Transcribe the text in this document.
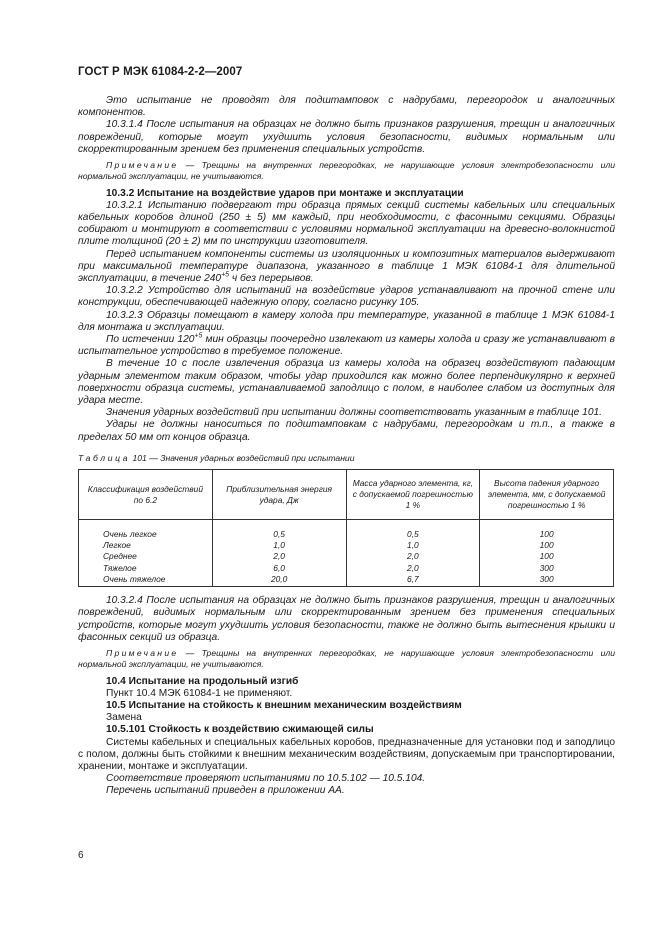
ГОСТ Р МЭК 61084-2-2—2007

Это испытание не проводят для подштамповок с надрубами, перегородок и аналогичных компонентов.

10.3.1.4 После испытания на образцах не должно быть признаков разрушения, трещин и аналогичных повреждений, которые могут ухудшить условия безопасности, видимых нормальным или скорректированным зрением без применения специальных устройств.

Примечание — Трещины на внутренних перегородках, не нарушающие условия электробезопасности или нормальной эксплуатации, не учитываются.

10.3.2 Испытание на воздействие ударов при монтаже и эксплуатации

10.3.2.1 Испытанию подвергают три образца прямых секций системы кабельных или специальных кабельных коробов длиной (250 ± 5) мм каждый, при необходимости, с фасонными секциями. Образцы собирают и монтируют в соответствии с условиями нормальной эксплуатации на древесно-волокнистой плите толщиной (20 ± 2) мм по инструкции изготовителя.

Перед испытанием компоненты системы из изоляционных и композитных материалов выдерживают при максимальной температуре диапазона, указанного в таблице 1 МЭК 61084-1 для длительной эксплуатации, в течение $240^{+5}$ ч без перерывов.

10.3.2.2 Устройство для испытаний на воздействие ударов устанавливают на прочной стене или конструкции, обеспечивающей надежную опору, согласно рисунку 105.

10.3.2.3 Образцы помещают в камеру холода при температуре, указанной в таблице 1 МЭК 61084-1 для монтажа и эксплуатации.

По истечении $120^{+5}$ мин образцы поочередно извлекают из камеры холода и сразу же устанавливают в испытательное устройство в требуемое положение.

В течение 10 с после извлечения образца из камеры холода на образец воздействуют падающим ударным элементом таким образом, чтобы удар приходился как можно более перпендикулярно к верхней поверхности образца системы, устанавливаемой заподлицо с полом, в наиболее слабом из доступных для удара месте.

Значения ударных воздействий при испытании должны соответствовать указанным в таблице 101.

Удары не должны наноситься по подштамповкам с надрубами, перегородкам и т.п., а также в пределах 50 мм от концов образца.

Таблица 101 — Значения ударных воздействий при испытании

Классификация воздействий по 6.2	Приблизительная энергия удара, Дж	Масса ударного элемента, кг, с допускаемой погрешностью 1 %	Высота падения ударного элемента, мм, с допускаемой погрешностью 1 %
Очень легкое	0,5	0,5	100
Легкое	1,0	1,0	100
Среднее	2,0	2,0	100
Тяжелое	6,0	2,0	300
Очень тяжелое	20,0	6,7	300

10.3.2.4 После испытания на образцах не должно быть признаков разрушения, трещин и аналогичных повреждений, видимых нормальным или скорректированным зрением без применения специальных устройств, которые могут ухудшить условия безопасности, также не должно быть вытеснения крышки и фасонных секций из образца.

Примечание — Трещины на внутренних перегородках, не нарушающие условия электробезопасности или нормальной эксплуатации, не учитываются.

10.4 Испытание на продольный изгиб

Пункт 10.4 МЭК 61084-1 не применяют.

10.5 Испытание на стойкость к внешним механическим воздействиям

Замена

10.5.101 Стойкость к воздействию сжимающей силы

Системы кабельных и специальных кабельных коробов, предназначенные для установки под и заподлицо с полом, должны быть стойкими к внешним механическим воздействиям, допускаемым при транспортировании, хранении, монтаже и эксплуатации.

Соответствие проверяют испытаниями по 10.5.102 — 10.5.104.

Перечень испытаний приведен в приложении АА.

6
